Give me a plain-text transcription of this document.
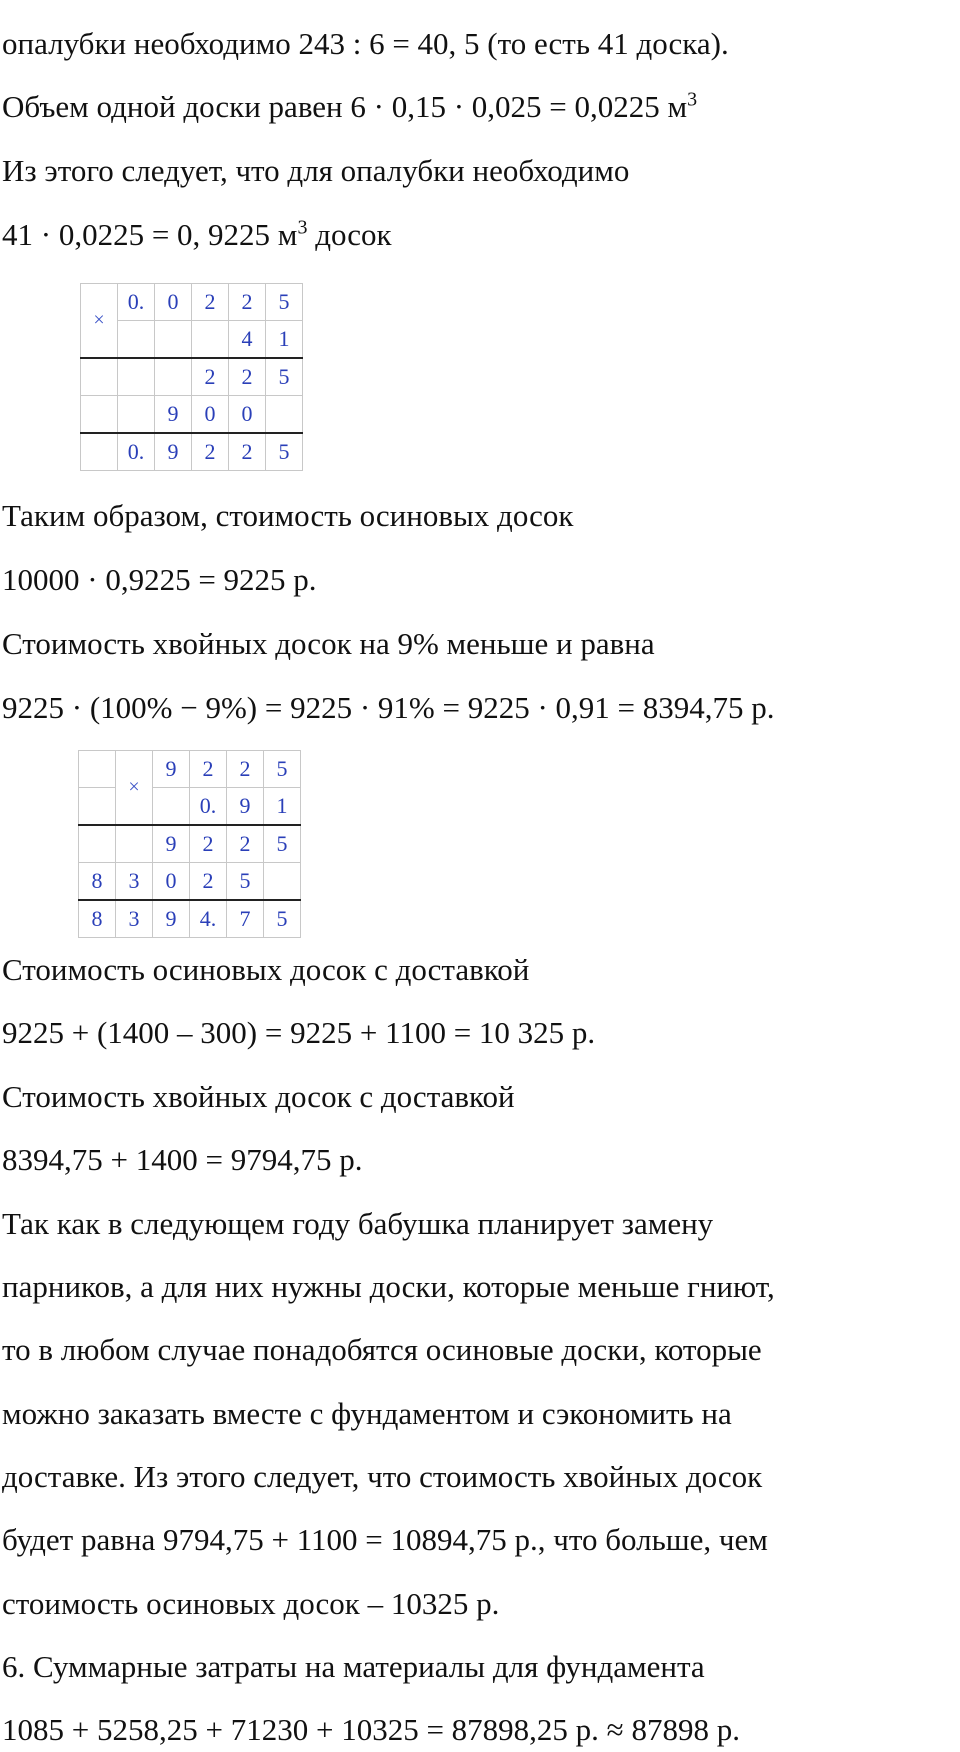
опалубки необходимо 243 : 6 = 40, 5 (то есть 41 доска).
Объем одной доски равен 6 · 0,15 · 0,025 = 0,0225 $м^3$
Из этого следует, что для опалубки необходимо
41 · 0,0225 = 0, 9225 $м^3$ досок
×	0.	0	2	2	5
				4	1
			2	2	5
		9	0	0	
	0.	9	2	2	5
Таким образом, стоимость осиновых досок
10000 · 0,9225 = 9225 р.
Стоимость хвойных досок на 9% меньше и равна
9225 · (100% − 9%) = 9225 · 91% = 9225 · 0,91 = 8394,75 р.
	×	9	2	2	5
			0.	9	1
		9	2	2	5
8	3	0	2	5	
8	3	9	4.	7	5
Стоимость осиновых досок с доставкой
9225 + (1400 – 300) = 9225 + 1100 = 10 325 р.
Стоимость хвойных досок с доставкой
8394,75 + 1400 = 9794,75 р.
Так как в следующем году бабушка планирует замену
парников, а для них нужны доски, которые меньше гниют,
то в любом случае понадобятся осиновые доски, которые
можно заказать вместе с фундаментом и сэкономить на
доставке. Из этого следует, что стоимость хвойных досок
будет равна 9794,75 + 1100 = 10894,75 р., что больше, чем
стоимость осиновых досок – 10325 р.
6. Суммарные затраты на материалы для фундамента
1085 + 5258,25 + 71230 + 10325 = 87898,25 р. ≈ 87898 р.
